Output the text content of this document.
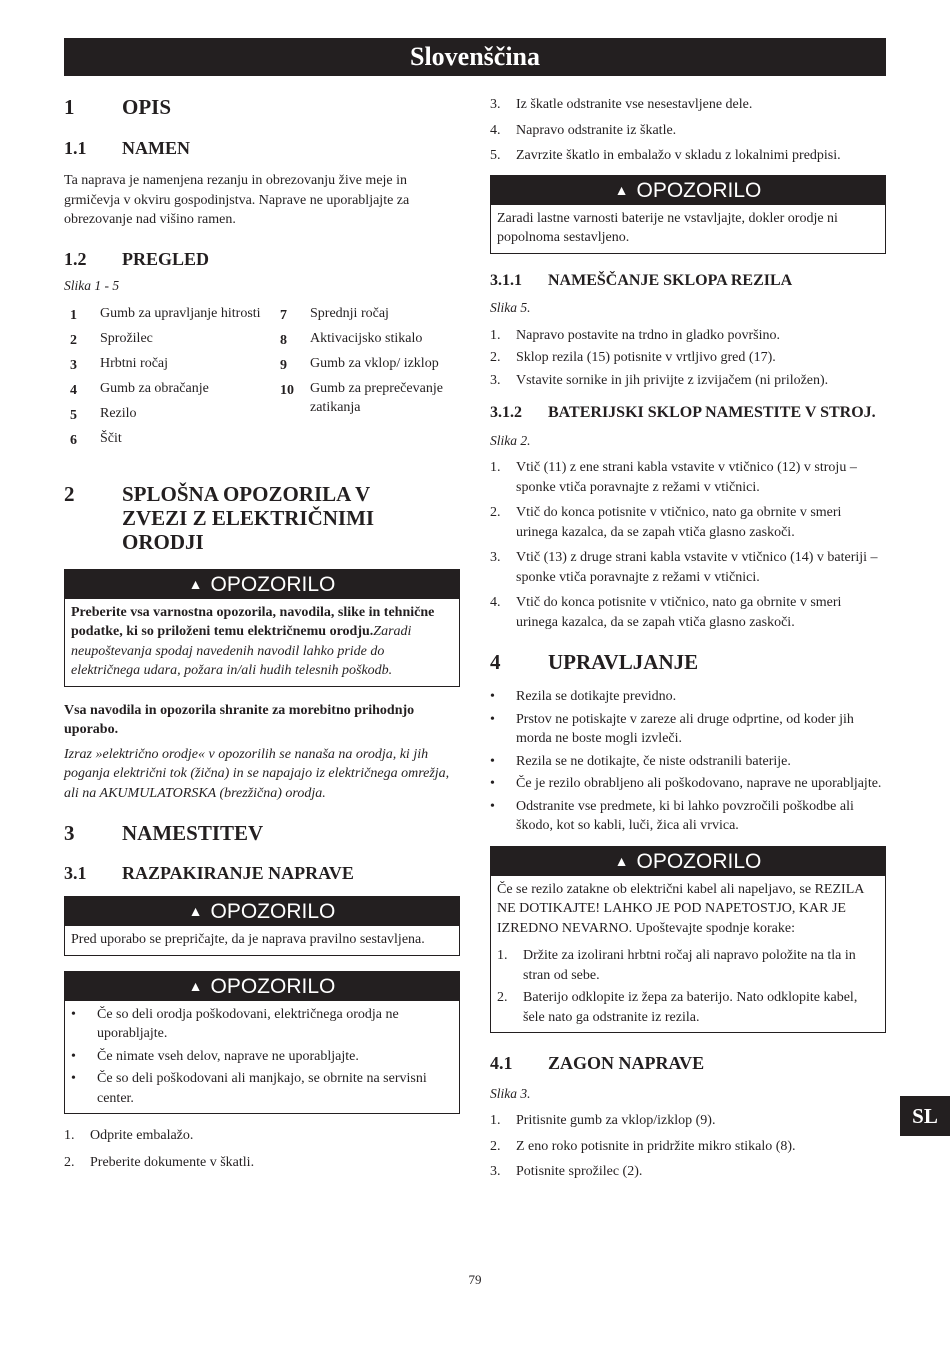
Slovenščina
1	OPIS
1.1	NAMEN

Ta naprava je namenjena rezanju in obrezovanju žive meje in grmičevja v okviru gospodinjstva. Naprave ne uporabljajte za obrezovanje nad višino ramen.

1.2	PREGLED

Slika 1 - 5

1	Gumb za upravljanje hitrosti
2	Sprožilec
3	Hrbtni ročaj
4	Gumb za obračanje
5	Rezilo
6	Ščit
7	Sprednji ročaj
8	Aktivacijsko stikalo
9	Gumb za vklop/ izklop
10	Gumb za preprečevanje zatikanja
2	SPLOŠNA OPOZORILA V ZVEZI Z ELEKTRIČNIMI ORODJI
▲ OPOZORILO
Preberite vsa varnostna opozorila, navodila, slike in tehnične podatke, ki so priloženi temu električnemu orodju.Zaradi neupoštevanja spodaj navedenih navodil lahko pride do električnega udara, požara in/ali hudih telesnih poškodb.

Vsa navodila in opozorila shranite za morebitno prihodnjo uporabo.

Izraz »električno orodje« v opozorilih se nanaša na orodja, ki jih poganja električni tok (žična) in se napajajo iz električnega omrežja, ali na AKUMULATORSKA (brezžična) orodja.

3	NAMESTITEV
3.1	RAZPAKIRANJE NAPRAVE
▲ OPOZORILO
Pred uporabo se prepričajte, da je naprava pravilno sestavljena.
▲ OPOZORILO
•	Če so deli orodja poškodovani, električnega orodja ne uporabljajte.
•	Če nimate vseh delov, naprave ne uporabljajte.
•	Če so deli poškodovani ali manjkajo, se obrnite na servisni center.
1.	Odprite embalažo.
2.	Preberite dokumente v škatli.
3.	Iz škatle odstranite vse nesestavljene dele.
4.	Napravo odstranite iz škatle.
5.	Zavrzite škatlo in embalažo v skladu z lokalnimi predpisi.
▲ OPOZORILO
Zaradi lastne varnosti baterije ne vstavljajte, dokler orodje ni popolnoma sestavljeno.
3.1.1	NAMEŠČANJE SKLOPA REZILA

Slika 5.

1.	Napravo postavite na trdno in gladko površino.
2.	Sklop rezila (15) potisnite v vrtljivo gred (17).
3.	Vstavite sornike in jih privijte z izvijačem (ni priložen).
3.1.2	BATERIJSKI SKLOP NAMESTITE V STROJ.

Slika 2.

1.	Vtič (11) z ene strani kabla vstavite v vtičnico (12) v stroju – sponke vtiča poravnajte z režami v vtičnici.
2.	Vtič do konca potisnite v vtičnico, nato ga obrnite v smeri urinega kazalca, da se zapah vtiča glasno zaskoči.
3.	Vtič (13) z druge strani kabla vstavite v vtičnico (14) v bateriji – sponke vtiča poravnajte z režami v vtičnici.
4.	Vtič do konca potisnite v vtičnico, nato ga obrnite v smeri urinega kazalca, da se zapah vtiča glasno zaskoči.
4	UPRAVLJANJE
•	Rezila se dotikajte previdno.
•	Prstov ne potiskajte v zareze ali druge odprtine, od koder jih morda ne boste mogli izvleči.
•	Rezila se ne dotikajte, če niste odstranili baterije.
•	Če je rezilo obrabljeno ali poškodovano, naprave ne uporabljajte.
•	Odstranite vse predmete, ki bi lahko povzročili poškodbe ali škodo, kot so kabli, luči, žica ali vrvica.
▲ OPOZORILO

Če se rezilo zatakne ob električni kabel ali napeljavo, se REZILA NE DOTIKAJTE! LAHKO JE POD NAPETOSTJO, KAR JE IZREDNO NEVARNO. Upoštevajte spodnje korake:

1.	Držite za izolirani hrbtni ročaj ali napravo položite na tla in stran od sebe.
2.	Baterijo odklopite iz žepa za baterijo. Nato odklopite kabel, šele nato ga odstranite iz rezila.
4.1	ZAGON NAPRAVE

Slika 3.

1.	Pritisnite gumb za vklop/izklop (9).
2.	Z eno roko potisnite in pridržite mikro stikalo (8).
3.	Potisnite sprožilec (2).
SL
79
